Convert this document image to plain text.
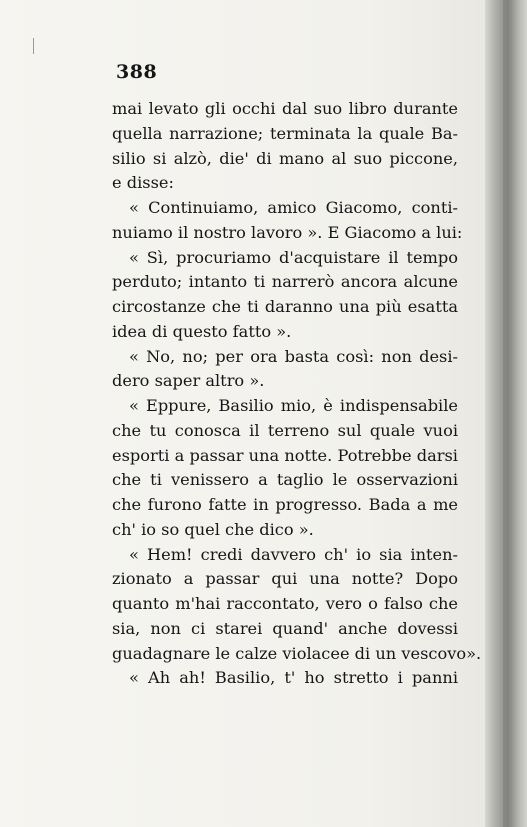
388
mai levato gli occhi dal suo libro durante
quella narrazione; terminata la quale Ba-
silio si alzò, die' di mano al suo piccone,
e disse:
« Continuiamo, amico Giacomo, conti-
nuiamo il nostro lavoro ». E Giacomo a lui:
« Sì, procuriamo d'acquistare il tempo
perduto; intanto ti narrerò ancora alcune
circostanze che ti daranno una più esatta
idea di questo fatto ».
« No, no; per ora basta così: non desi-
dero saper altro ».
« Eppure, Basilio mio, è indispensabile
che tu conosca il terreno sul quale vuoi
esporti a passar una notte. Potrebbe darsi
che ti venissero a taglio le osservazioni
che furono fatte in progresso. Bada a me
ch' io so quel che dico ».
« Hem! credi davvero ch' io sia inten-
zionato a passar qui una notte? Dopo
quanto m'hai raccontato, vero o falso che
sia, non ci starei quand' anche dovessi
guadagnare le calze violacee di un vescovo».
« Ah ah! Basilio, t' ho stretto i panni
